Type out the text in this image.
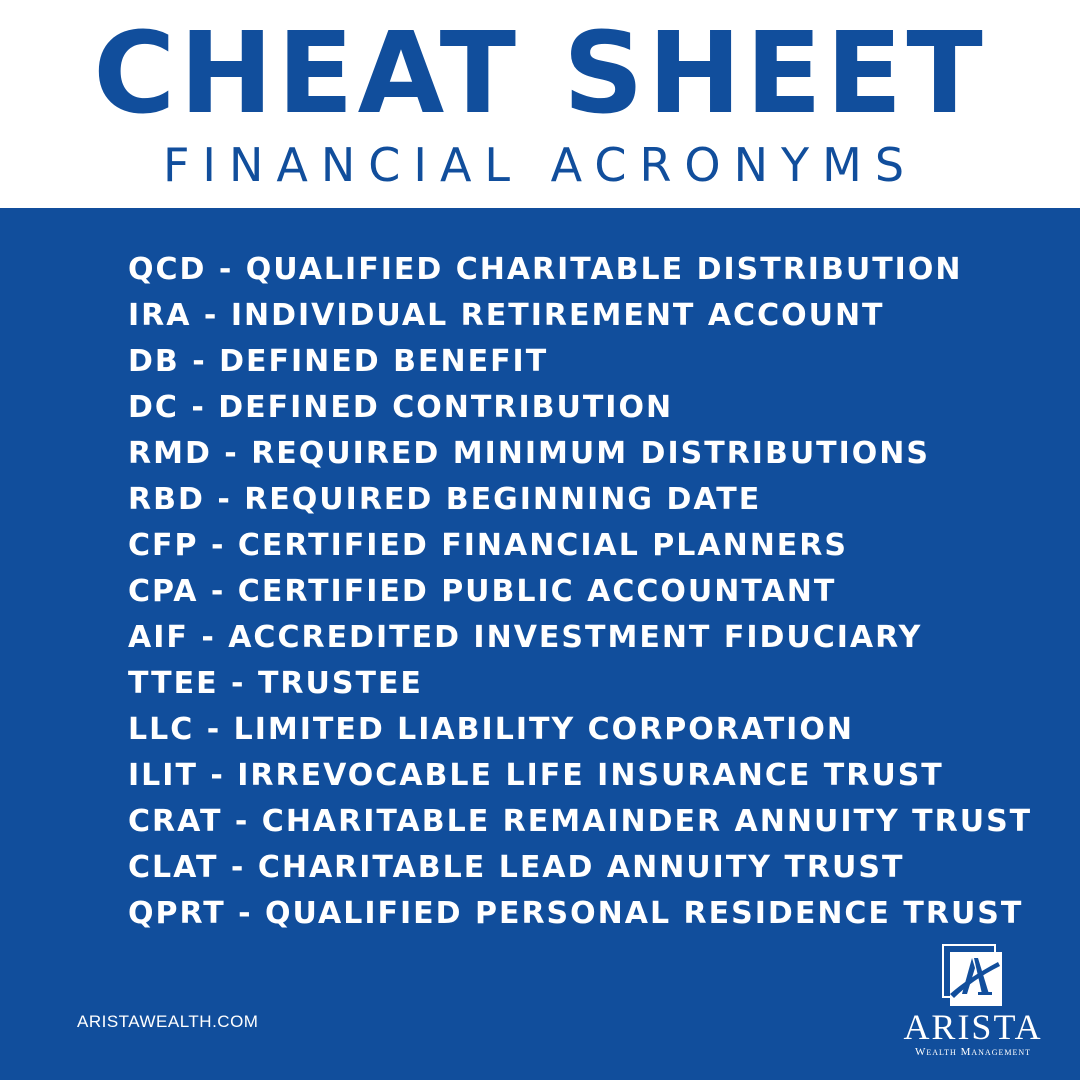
CHEAT SHEET
FINANCIAL ACRONYMS
QCD - QUALIFIED CHARITABLE DISTRIBUTION
IRA - INDIVIDUAL RETIREMENT ACCOUNT
DB - DEFINED BENEFIT
DC - DEFINED CONTRIBUTION
RMD - REQUIRED MINIMUM DISTRIBUTIONS
RBD - REQUIRED BEGINNING DATE
CFP - CERTIFIED FINANCIAL PLANNERS
CPA - CERTIFIED PUBLIC ACCOUNTANT
AIF - ACCREDITED INVESTMENT FIDUCIARY
TTEE - TRUSTEE
LLC - LIMITED LIABILITY CORPORATION
ILIT - IRREVOCABLE LIFE INSURANCE TRUST
CRAT - CHARITABLE REMAINDER ANNUITY TRUST
CLAT - CHARITABLE LEAD ANNUITY TRUST
QPRT - QUALIFIED PERSONAL RESIDENCE TRUST
ARISTAWEALTH.COM	ARISTA
Wealth Management
